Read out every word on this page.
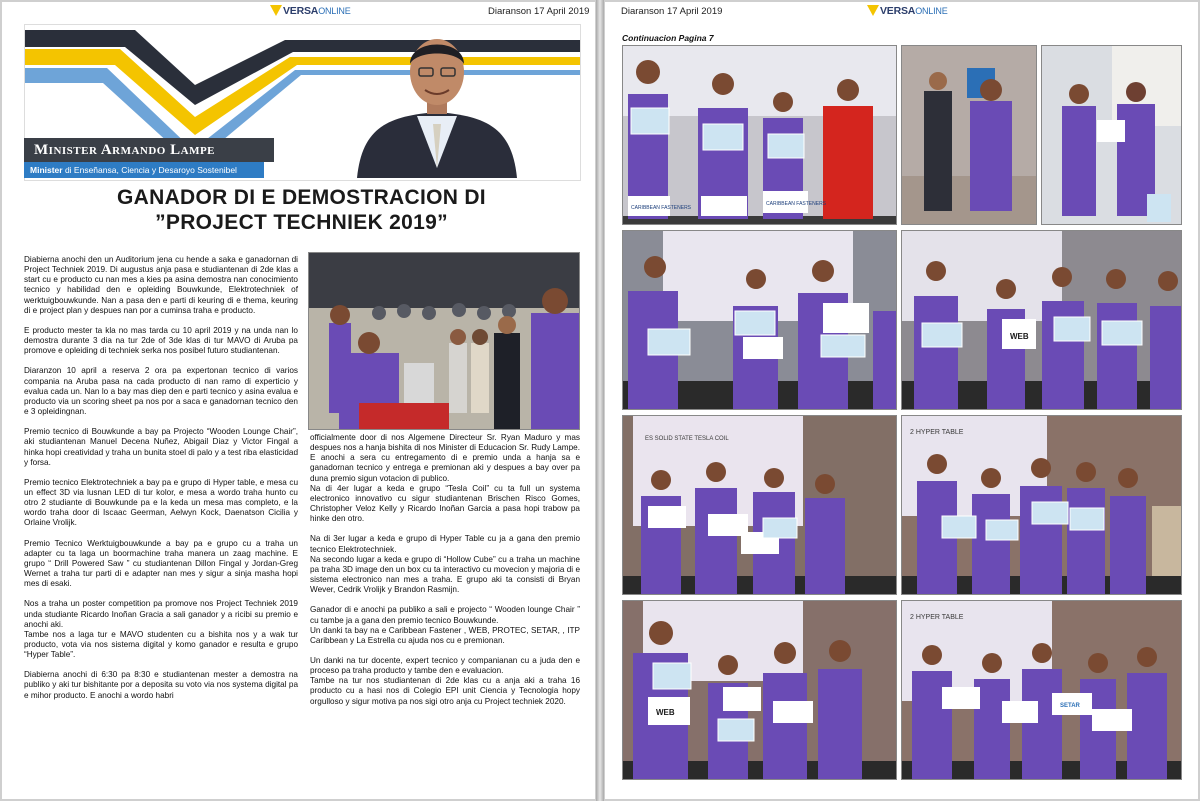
VERSAONLINE	Diaranson 17 April 2019
Minister Armando Lampe
Minister di Enseñansa, Ciencia y Desaroyo Sostenibel
GANADOR DI E DEMOSTRACION DI
”PROJECT TECHNIEK 2019”

Diabierna anochi den un Auditorium jena cu hende a saka e ganadornan di Project Techniek 2019. Di augustus anja pasa e studiantenan di 2de klas a start cu e producto cu nan mes a kies pa asina demostra nan conocimiento tecnico y habilidad den e opleiding Bouwkunde, Elektrotechniek of werktuigbouwkunde. Nan a pasa den e parti di keuring di e thema, keuring di e project plan y despues nan por a cuminsa traha e producto.

E producto mester ta kla no mas tarda cu 10 april 2019 y na unda nan lo demostra durante 3 dia na tur 2de of 3de klas di tur MAVO di Aruba pa promove e opleiding di techniek serka nos posibel futuro studiantenan.

Diaranzon 10 april a reserva 2 ora pa expertonan tecnico di varios compania na Aruba pasa na cada producto di nan ramo di experticio y evalua cada un. Nan lo a bay mas diep den e parti tecnico y asina evalua e producto via un scoring sheet pa nos por a saca e ganadornan tecnico den e 3 opleidingnan.

Premio tecnico di Bouwkunde a bay pa Projecto “Wooden Lounge Chair”, aki studiantenan Manuel Decena Nuñez, Abigail Diaz y Victor Fingal a hinka hopi creatividad y traha un bunita stoel di palo y a test riba elasticidad y forsa.

Premio tecnico Elektrotechniek a bay pa e grupo di Hyper table, e mesa cu un effect 3D via lusnan LED di tur kolor, e mesa a wordo traha hunto cu otro 2 studiante di Bouwkunde pa e la keda un mesa mas completo, e la wordo traha door di Iscaac Geerman, Aelwyn Kock, Daenatson Cicilia y Orlaine Vrolijk.

Premio Tecnico Werktuigbouwkunde a bay pa e grupo cu a traha un adapter cu ta laga un boormachine traha manera un zaag machine. E grupo “ Drill Powered Saw ” cu studiantenan Dillon Fingal y Jordan-Greg Wernet a traha tur parti di e adapter nan mes y sigur a sinja masha hopi mes di esaki.

Nos a traha un poster competition pa promove nos Project Techniek 2019 unda studiante Ricardo Inoñan Gracia a sali ganador y a ricibi su premio e anochi aki.
Tambe nos a laga tur e MAVO studenten cu a bishita nos y a wak tur producto, vota via nos sistema digital y komo ganador e resulta e grupo “Hyper Table”.

Diabierna anochi di 6:30 pa 8:30 e studiantenan mester a demostra na publiko y aki tur bishitante por a deposita su voto via nos systema digital pa e mihor producto. E anochi a wordo habri

officialmente door di nos Algemene Directeur Sr. Ryan Maduro y mas despues nos a hanja bishita di nos Minister di Educacion Sr. Rudy Lampe. E anochi a sera cu entregamento di e premio unda a hanja sa e ganadornan tecnico y entrega e premionan aki y despues a bay over pa duna premio sigun votacion di publico.
Na di 4er lugar a keda e grupo “Tesla Coil” cu ta full un systema electronico innovativo cu sigur studiantenan Brischen Risco Gomes, Christopher Veloz Kelly y Ricardo Inoñan Garcia a pasa hopi trabow pa hinke den otro.

Na di 3er lugar a keda e grupo di Hyper Table cu ja a gana den premio tecnico Elektrotechniek.
Na secondo lugar a keda e grupo di “Hollow Cube” cu a traha un machine pa traha 3D image den un box cu ta interactivo cu movecion y majoria di e sistema electronico nan mes a traha. E grupo aki ta consisti di Bryan Wever, Cedrik Vrolijk y Brandon Rasmijn.

Ganador di e anochi pa publiko a sali e projecto “ Wooden lounge Chair ” cu tambe ja a gana den premio tecnico Bouwkunde.
Un danki ta bay na e Caribbean Fastener , WEB, PROTEC, SETAR, , ITP Caribbean y La Estrella cu ajuda nos cu e premionan.

Un danki na tur docente, expert tecnico y companianan cu a juda den e proceso pa traha producto y tambe den e evaluacion.
Tambe na tur nos studiantenan di 2de klas cu a anja aki a traha 16 producto cu a hasi nos di Colegio EPI unit Ciencia y Tecnologia hopy orgulloso y sigur motiva pa nos sigi otro anja cu Project techniek 2020.

Diaranson 17 April 2019	VERSAONLINE
Continuacion Pagina 7
CARIBBEAN FASTENERS
CARIBBEAN FASTENERS
WEB
ES SOLID STATE TESLA COIL
2 HYPER TABLE
WEB
2 HYPER TABLE
SETAR
